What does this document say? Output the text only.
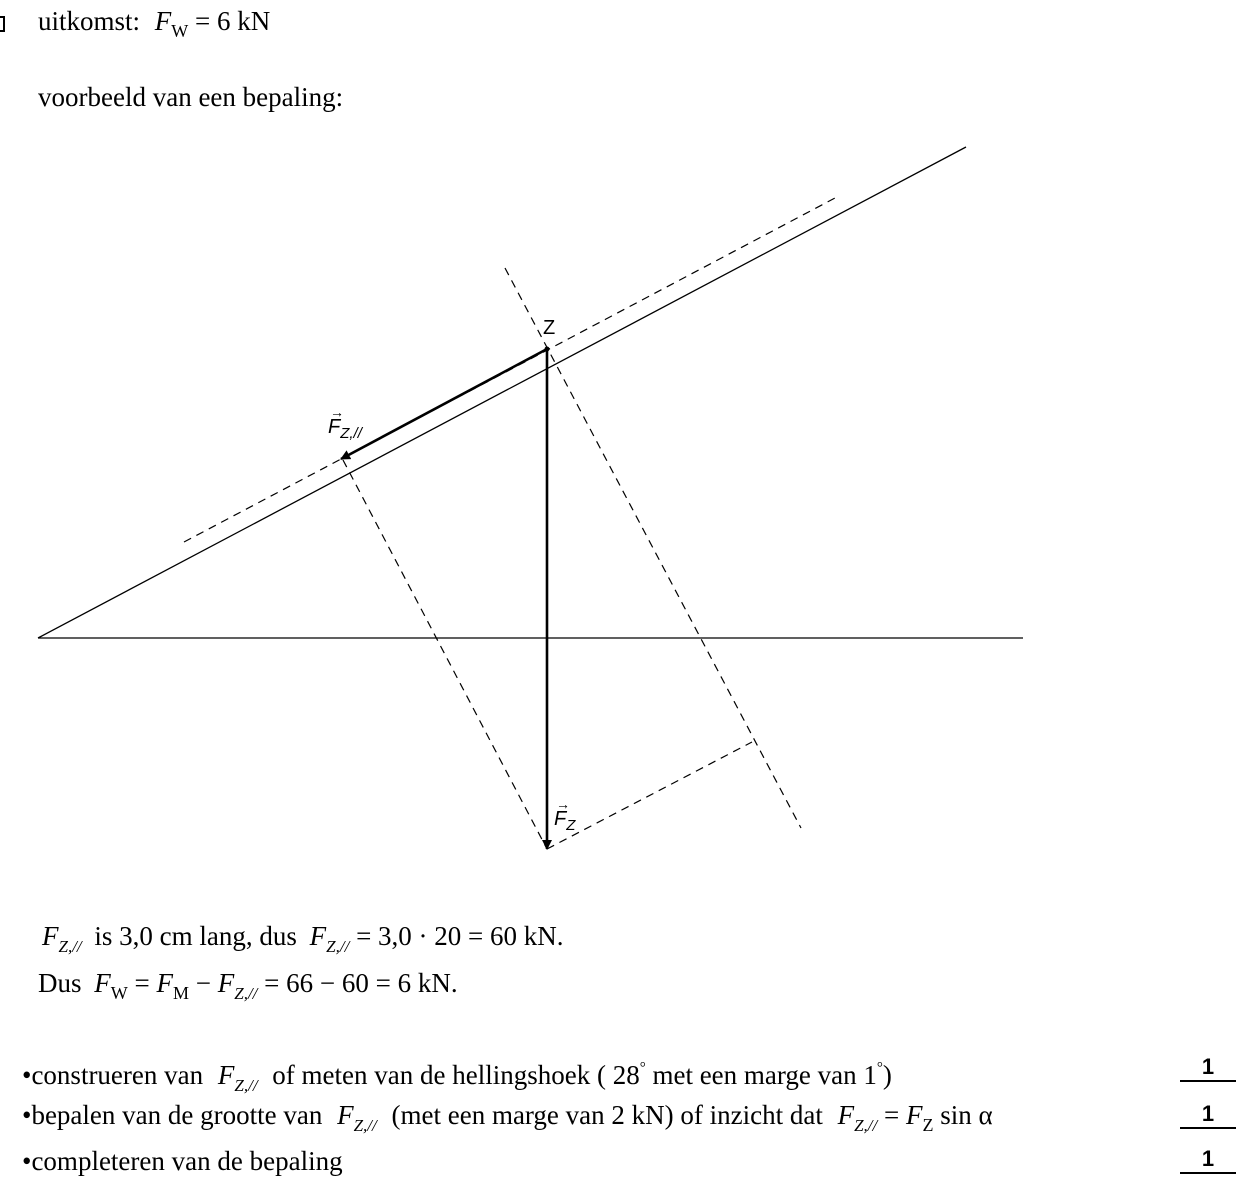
uitkomst: $F_W = 6$ kN
voorbeeld van een bepaling:
Z
→
$F_{Z,//}$
→
$F_Z$
$F_{Z,//}$ is 3,0 cm lang, dus $F_{Z,//} = 3,0 \cdot 20 = 60$ kN.
Dus $F_W = F_M - F_{Z,//} = 66 - 60 = 6$ kN.
•construeren van $F_{Z,//}$ of meten van de hellingshoek ( 28° met een marge van 1°)	1
•bepalen van de grootte van $F_{Z,//}$ (met een marge van 2 kN) of inzicht dat $F_{Z,//} = F_Z$ sin α	1
•completeren van de bepaling	1
